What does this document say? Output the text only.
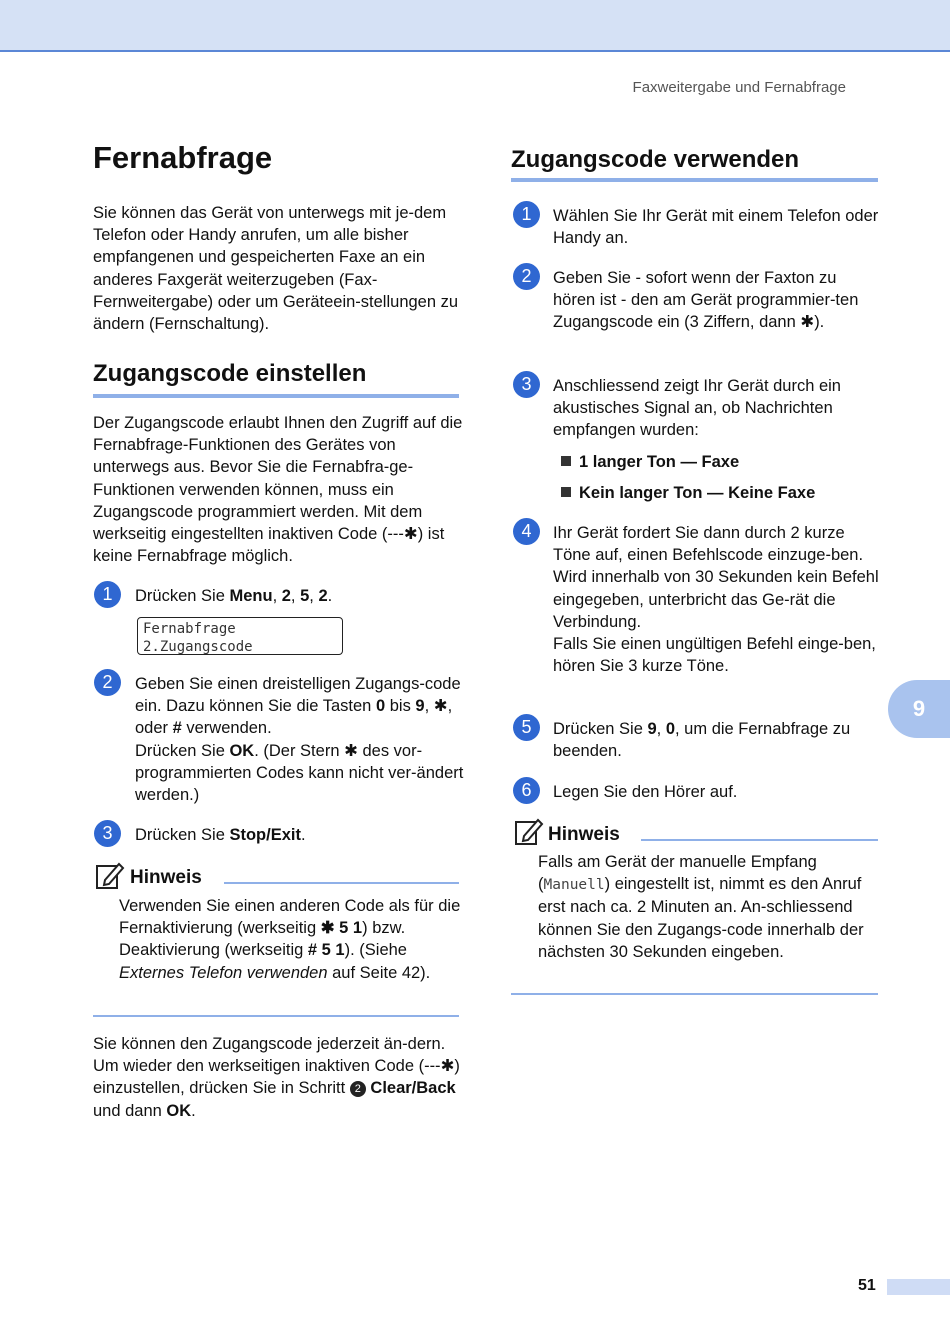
Faxweitergabe und Fernabfrage
Fernabfrage

Sie können das Gerät von unterwegs mit je-dem Telefon oder Handy anrufen, um alle bisher empfangenen und gespeicherten Faxe an ein anderes Faxgerät weiterzugeben (Fax-Fernweitergabe) oder um Geräteein-stellungen zu ändern (Fernschaltung).

Zugangscode einstellen

Der Zugangscode erlaubt Ihnen den Zugriff auf die Fernabfrage-Funktionen des Gerätes von unterwegs aus. Bevor Sie die Fernabfra-ge-Funktionen verwenden können, muss ein Zugangscode programmiert werden. Mit dem werkseitig eingestellten inaktiven Code (---✱) ist keine Fernabfrage möglich.

1	Drücken Sie Menu, 2, 5, 2.

Fernabfrage
2.Zugangscode
2	Geben Sie einen dreistelligen Zugangs-code ein. Dazu können Sie die Tasten 0 bis 9, ✱, oder # verwenden.
Drücken Sie OK. (Der Stern ✱ des vor-programmierten Codes kann nicht ver-ändert werden.)

3	Drücken Sie Stop/Exit.

Hinweis

Verwenden Sie einen anderen Code als für die Fernaktivierung (werkseitig ✱ 5 1) bzw. Deaktivierung (werkseitig # 5 1). (Siehe Externes Telefon verwenden auf Seite 42).

Sie können den Zugangscode jederzeit än-dern. Um wieder den werkseitigen inaktiven Code (---✱) einzustellen, drücken Sie in Schritt 2 Clear/Back und dann OK.

Zugangscode verwenden
1	Wählen Sie Ihr Gerät mit einem Telefon oder Handy an.

2	Geben Sie - sofort wenn der Faxton zu hören ist - den am Gerät programmier-ten Zugangscode ein (3 Ziffern, dann ✱).

3	Anschliessend zeigt Ihr Gerät durch ein akustisches Signal an, ob Nachrichten empfangen wurden:

1 langer Ton — Faxe

Kein langer Ton — Keine Faxe

4	Ihr Gerät fordert Sie dann durch 2 kurze Töne auf, einen Befehlscode einzuge-ben.

Wird innerhalb von 30 Sekunden kein Befehl eingegeben, unterbricht das Ge-rät die Verbindung.

Falls Sie einen ungültigen Befehl einge-ben, hören Sie 3 kurze Töne.

5	Drücken Sie 9, 0, um die Fernabfrage zu beenden.

6	Legen Sie den Hörer auf.

Hinweis

Falls am Gerät der manuelle Empfang (Manuell) eingestellt ist, nimmt es den Anruf erst nach ca. 2 Minuten an. An-schliessend können Sie den Zugangs-code innerhalb der nächsten 30 Sekunden eingeben.

9
51
